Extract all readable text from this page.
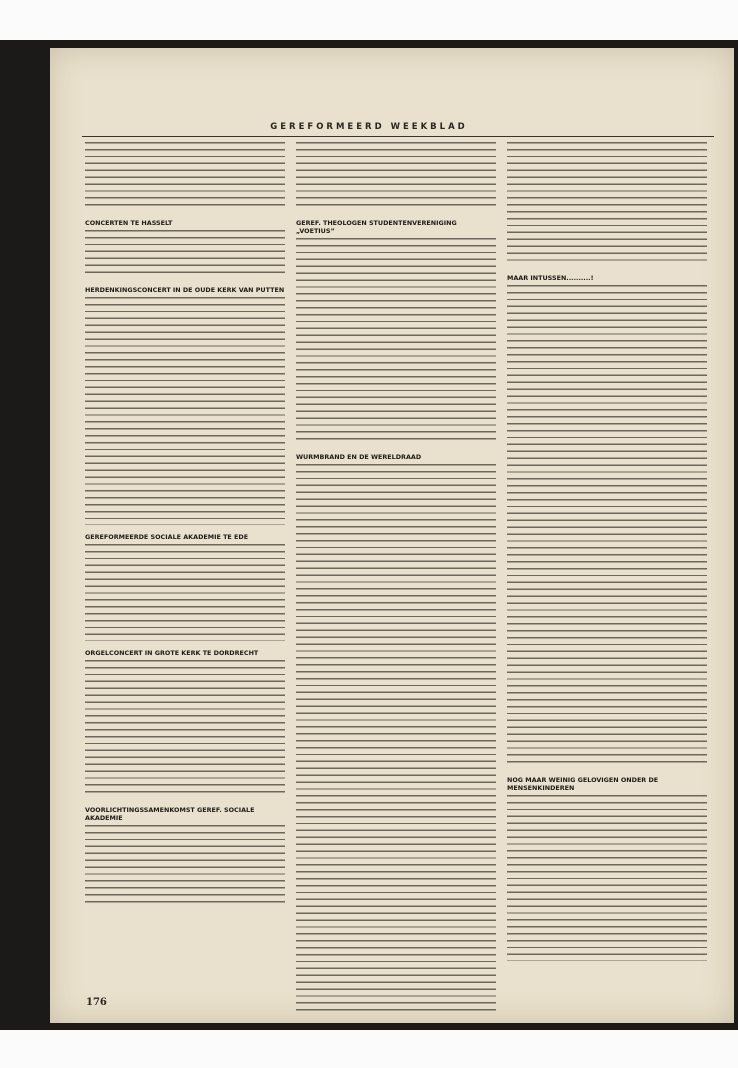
GEREFORMEERD WEEKBLAD
CONCERTEN TE HASSELT
HERDENKINGSCONCERT IN DE OUDE KERK VAN PUTTEN
GEREFORMEERDE SOCIALE AKADEMIE TE EDE
ORGELCONCERT IN GROTE KERK TE DORDRECHT
VOORLICHTINGSSAMENKOMST GEREF. SOCIALE AKADEMIE
GEREF. THEOLOGEN STUDENTENVERENIGING „VOETIUS”
WURMBRAND EN DE WERELDRAAD
MAAR INTUSSEN..........!
NOG MAAR WEINIG GELOVIGEN ONDER DE MENSENKINDEREN
176
